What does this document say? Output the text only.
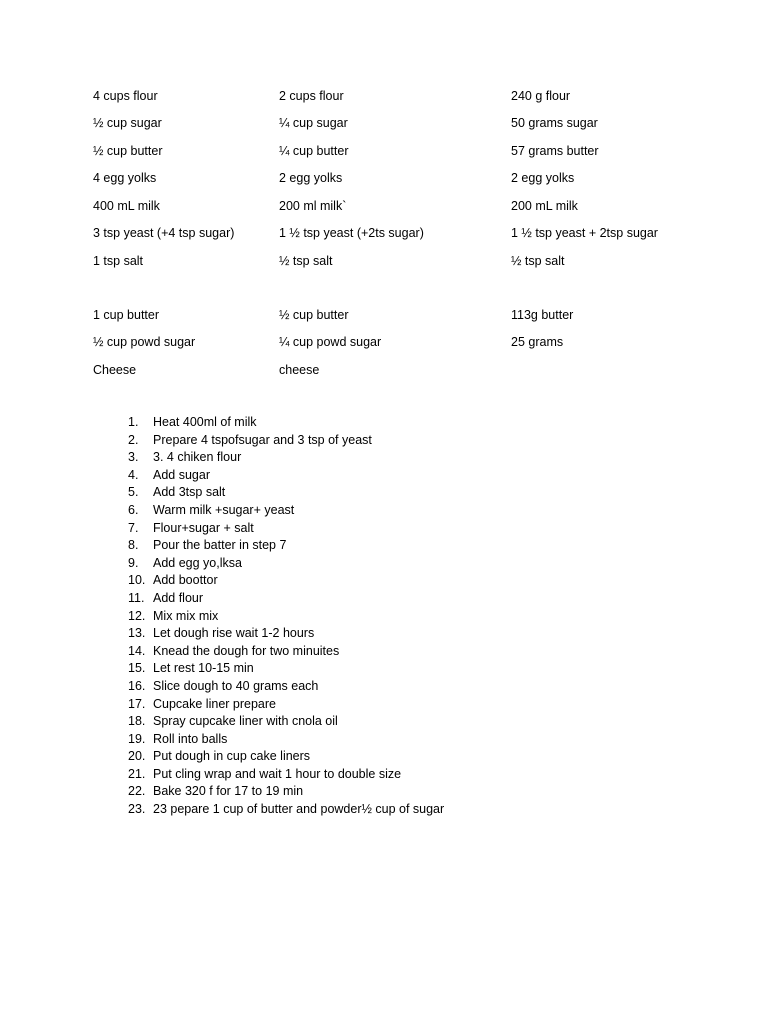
4 cups flour	2 cups flour	240 g flour
½ cup sugar	¼ cup sugar	50 grams sugar
½ cup butter	¼ cup butter	57 grams butter
4 egg yolks	2 egg yolks	2 egg yolks
400 mL milk	200 ml milk`	200 mL milk
3 tsp yeast (+4 tsp sugar)	1 ½ tsp yeast (+2ts sugar)	1 ½ tsp yeast + 2tsp sugar
1 tsp salt	½ tsp salt	½ tsp salt
1 cup butter	½ cup butter	113g butter
½ cup powd sugar	¼ cup powd sugar	25 grams
Cheese	cheese
1.	Heat 400ml of milk
2.	Prepare 4 tspofsugar and 3 tsp of yeast
3.	3. 4 chiken flour
4.	Add sugar
5.	Add 3tsp salt
6.	Warm milk +sugar+ yeast
7.	Flour+sugar + salt
8.	Pour the batter in step 7
9.	Add egg yo,lksa
10. Add boottor
11. Add flour
12. Mix mix mix
13. Let dough rise wait 1-2 hours
14. Knead the dough for two minuites
15. Let rest 10-15 min
16. Slice dough to 40 grams each
17. Cupcake liner prepare
18. Spray cupcake liner with cnola oil
19. Roll into balls
20. Put dough in cup cake liners
21. Put cling wrap and wait 1 hour to double size
22. Bake 320 f for 17 to 19 min
23. 23 pepare 1 cup of butter and powder½ cup of sugar
